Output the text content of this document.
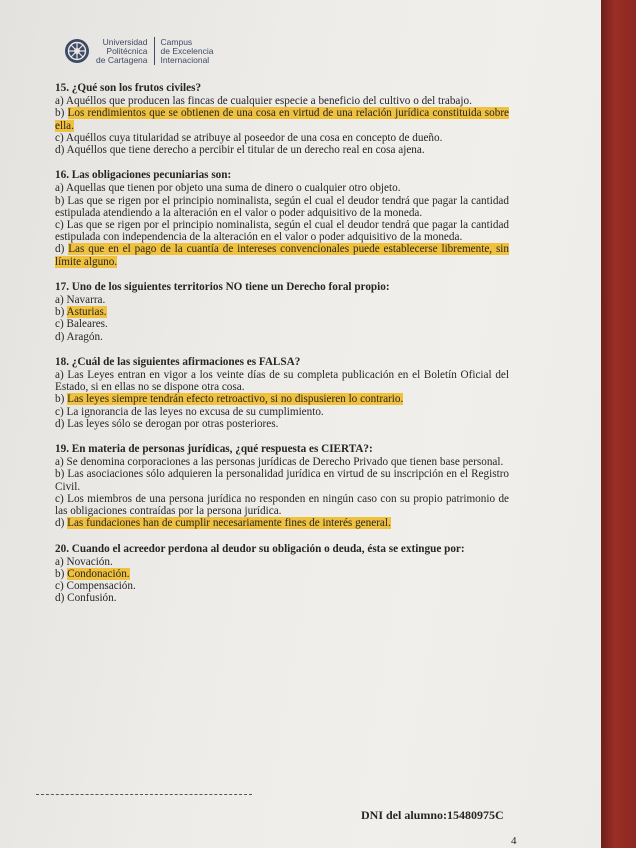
Universidad
Politécnica
de Cartagena
Campus
de Excelencia
Internacional
15. ¿Qué son los frutos civiles?
a) Aquéllos que producen las fincas de cualquier especie a beneficio del cultivo o del trabajo.
b) Los rendimientos que se obtienen de una cosa en virtud de una relación jurídica constituida sobre ella.
c) Aquéllos cuya titularidad se atribuye al poseedor de una cosa en concepto de dueño.
d) Aquéllos que tiene derecho a percibir el titular de un derecho real en cosa ajena.
16. Las obligaciones pecuniarias son:
a) Aquellas que tienen por objeto una suma de dinero o cualquier otro objeto.
b) Las que se rigen por el principio nominalista, según el cual el deudor tendrá que pagar la cantidad estipulada atendiendo a la alteración en el valor o poder adquisitivo de la moneda.
c) Las que se rigen por el principio nominalista, según el cual el deudor tendrá que pagar la cantidad estipulada con independencia de la alteración en el valor o poder adquisitivo de la moneda.
d) Las que en el pago de la cuantía de intereses convencionales puede establecerse libremente, sin límite alguno.
17. Uno de los siguientes territorios NO tiene un Derecho foral propio:
a) Navarra.
b) Asturias.
c) Baleares.
d) Aragón.
18. ¿Cuál de las siguientes afirmaciones es FALSA?
a) Las Leyes entran en vigor a los veinte días de su completa publicación en el Boletín Oficial del Estado, si en ellas no se dispone otra cosa.
b) Las leyes siempre tendrán efecto retroactivo, si no dispusieren lo contrario.
c) La ignorancia de las leyes no excusa de su cumplimiento.
d) Las leyes sólo se derogan por otras posteriores.
19. En materia de personas jurídicas, ¿qué respuesta es CIERTA?:
a) Se denomina corporaciones a las personas jurídicas de Derecho Privado que tienen base personal.
b) Las asociaciones sólo adquieren la personalidad jurídica en virtud de su inscripción en el Registro Civil.
c) Los miembros de una persona jurídica no responden en ningún caso con su propio patrimonio de las obligaciones contraídas por la persona jurídica.
d) Las fundaciones han de cumplir necesariamente fines de interés general.
20. Cuando el acreedor perdona al deudor su obligación o deuda, ésta se extingue por:
a) Novación.
b) Condonación.
c) Compensación.
d) Confusión.
DNI del alumno:15480975C
4
